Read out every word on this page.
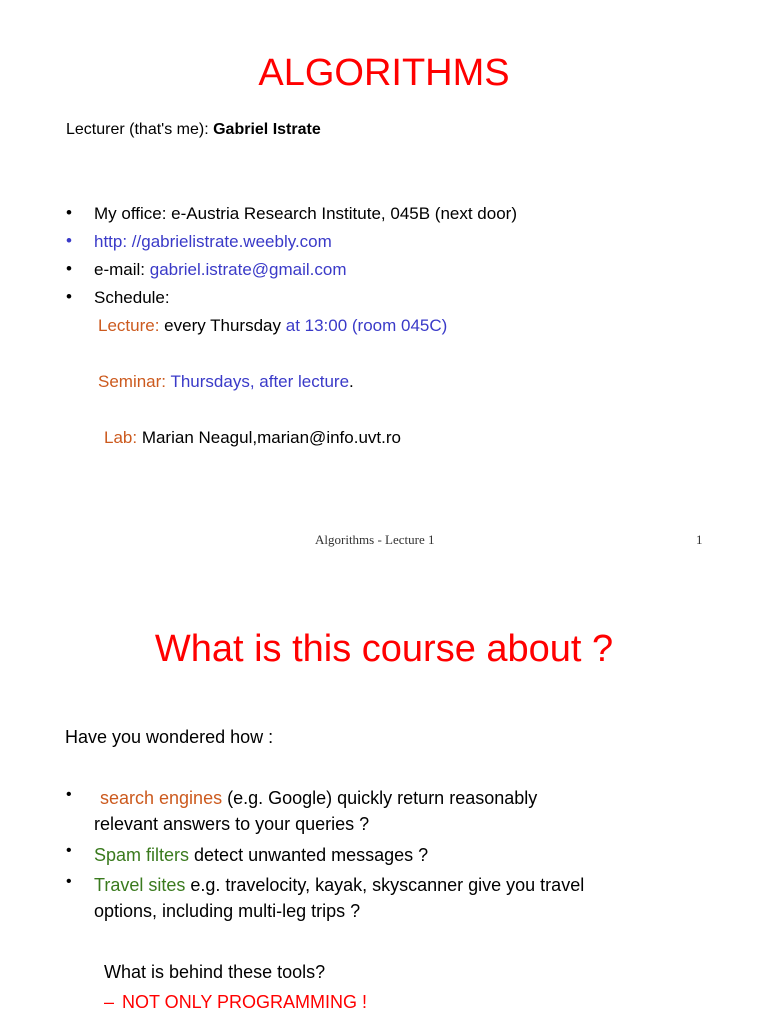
ALGORITHMS
Lecturer (that's me): Gabriel Istrate
• My office: e-Austria Research Institute, 045B (next door)
• http: //gabrielistrate.weebly.com
• e-mail: gabriel.istrate@gmail.com
• Schedule:
Lecture: every Thursday at 13:00 (room 045C)
Seminar: Thursdays, after lecture.
Lab: Marian Neagul,marian@info.uvt.ro
Algorithms - Lecture 1	1
What is this course about ?
Have you wondered how :
•	search engines (e.g. Google) quickly return reasonably
relevant answers to your queries ?
• Spam filters detect unwanted messages ?
• Travel sites e.g. travelocity, kayak, skyscanner give you travel
options, including multi-leg trips ?
What is behind these tools?
– NOT ONLY PROGRAMMING !
